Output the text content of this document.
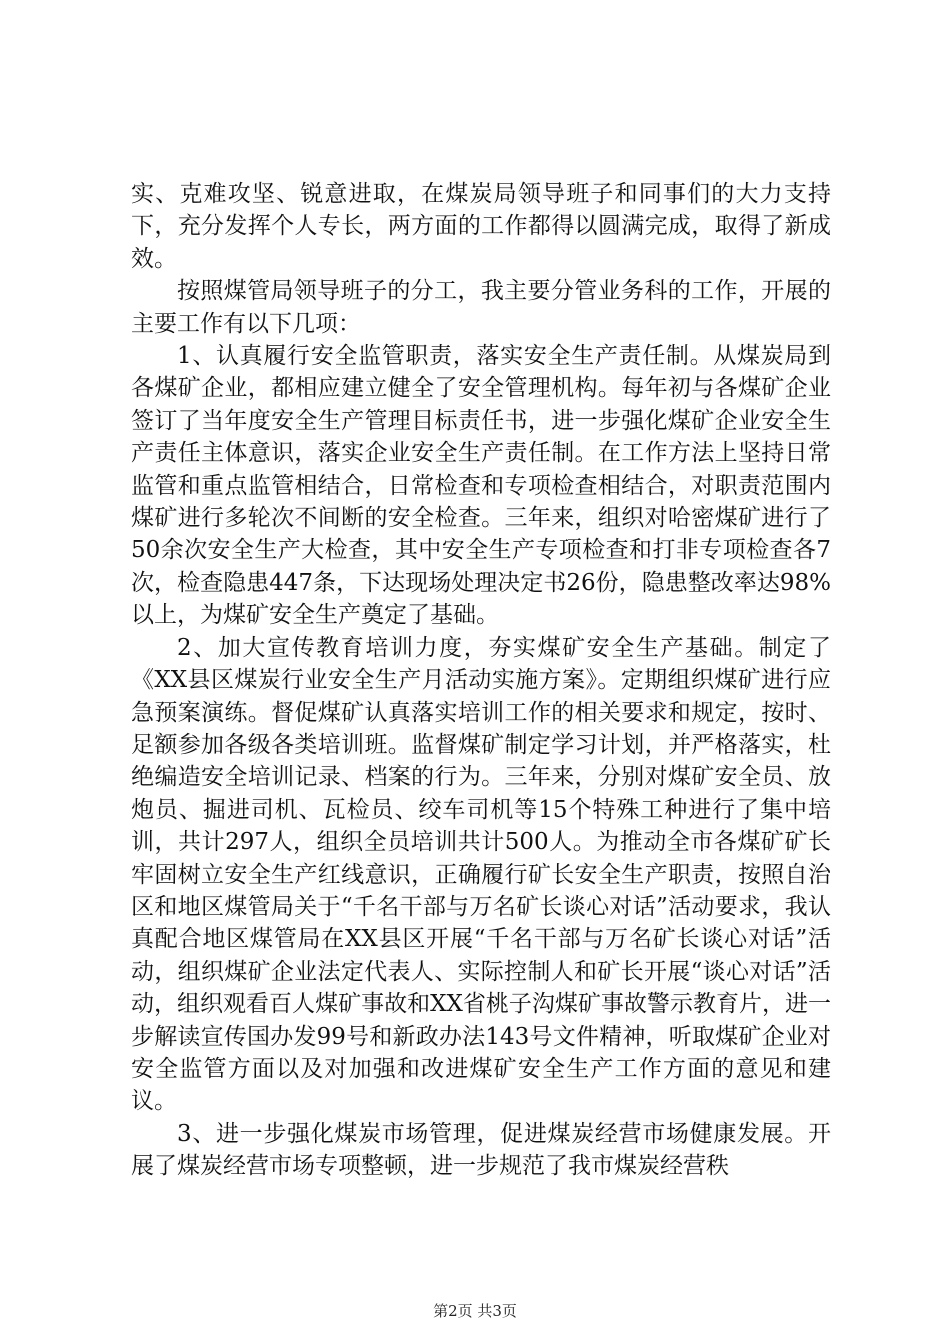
实、克难攻坚、锐意进取，在煤炭局领导班子和同事们的大力支持下，充分发挥个人专长，两方面的工作都得以圆满完成，取得了新成效。

按照煤管局领导班子的分工，我主要分管业务科的工作，开展的主要工作有以下几项：

1、认真履行安全监管职责，落实安全生产责任制。从煤炭局到各煤矿企业，都相应建立健全了安全管理机构。每年初与各煤矿企业签订了当年度安全生产管理目标责任书，进一步强化煤矿企业安全生产责任主体意识，落实企业安全生产责任制。在工作方法上坚持日常监管和重点监管相结合，日常检查和专项检查相结合，对职责范围内煤矿进行多轮次不间断的安全检查。三年来，组织对哈密煤矿进行了50余次安全生产大检查，其中安全生产专项检查和打非专项检查各7次，检查隐患447条，下达现场处理决定书26份，隐患整改率达98%以上，为煤矿安全生产奠定了基础。

2、加大宣传教育培训力度，夯实煤矿安全生产基础。制定了《XX县区煤炭行业安全生产月活动实施方案》。定期组织煤矿进行应急预案演练。督促煤矿认真落实培训工作的相关要求和规定，按时、足额参加各级各类培训班。监督煤矿制定学习计划，并严格落实，杜绝编造安全培训记录、档案的行为。三年来，分别对煤矿安全员、放炮员、掘进司机、瓦检员、绞车司机等15个特殊工种进行了集中培训，共计297人，组织全员培训共计500人。为推动全市各煤矿矿长牢固树立安全生产红线意识，正确履行矿长安全生产职责，按照自治区和地区煤管局关于“千名干部与万名矿长谈心对话”活动要求，我认真配合地区煤管局在XX县区开展“千名干部与万名矿长谈心对话”活动，组织煤矿企业法定代表人、实际控制人和矿长开展“谈心对话”活动，组织观看百人煤矿事故和XX省桃子沟煤矿事故警示教育片，进一步解读宣传国办发99号和新政办法143号文件精神，听取煤矿企业对安全监管方面以及对加强和改进煤矿安全生产工作方面的意见和建议。

3、进一步强化煤炭市场管理，促进煤炭经营市场健康发展。开展了煤炭经营市场专项整顿，进一步规范了我市煤炭经营秩

第2页 共3页
